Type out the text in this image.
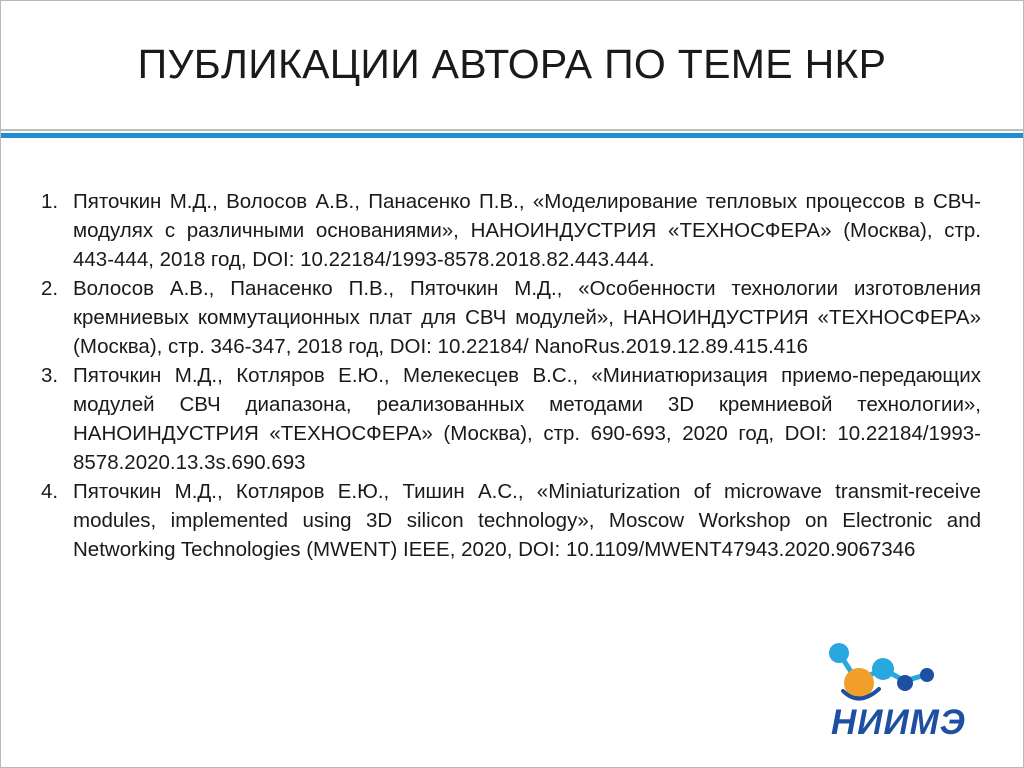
ПУБЛИКАЦИИ АВТОРА ПО ТЕМЕ НКР
1. Пяточкин М.Д., Волосов А.В., Панасенко П.В., «Моделирование тепловых процессов в СВЧ-модулях с различными основаниями», НАНОИНДУСТРИЯ «ТЕХНОСФЕРА» (Москва), стр. 443-444, 2018 год, DOI: 10.22184/1993-8578.2018.82.443.444.
2. Волосов А.В., Панасенко П.В., Пяточкин М.Д., «Особенности технологии изготовления кремниевых коммутационных плат для СВЧ модулей», НАНОИНДУСТРИЯ «ТЕХНОСФЕРА» (Москва), стр. 346-347, 2018 год, DOI: 10.22184/ NanoRus.2019.12.89.415.416
3. Пяточкин М.Д., Котляров Е.Ю., Мелекесцев В.С., «Миниатюризация приемо-передающих модулей СВЧ диапазона, реализованных методами 3D кремниевой технологии», НАНОИНДУСТРИЯ «ТЕХНОСФЕРА» (Москва), стр. 690-693, 2020 год, DOI: 10.22184/1993-8578.2020.13.3s.690.693
4. Пяточкин М.Д., Котляров Е.Ю., Тишин А.С., «Miniaturization of microwave transmit-receive modules, implemented using 3D silicon technology», Moscow Workshop on Electronic and Networking Technologies (MWENT) IEEE, 2020, DOI: 10.1109/MWENT47943.2020.9067346
НИИМЭ
